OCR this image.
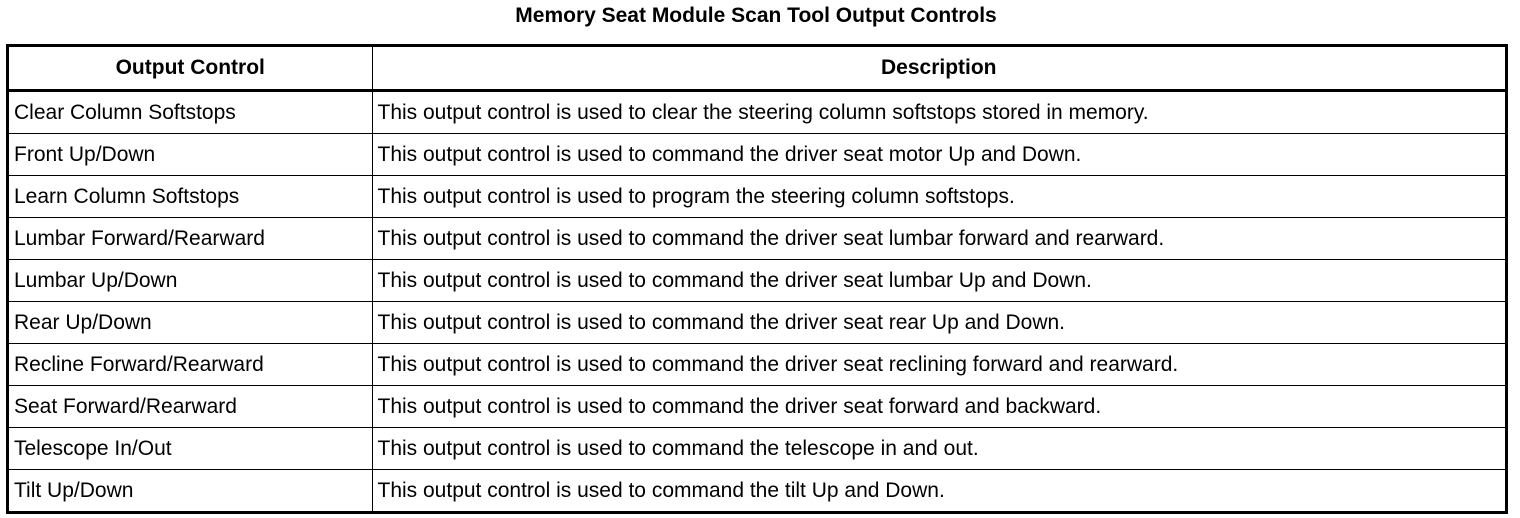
Memory Seat Module Scan Tool Output Controls
Output Control	Description
Clear Column Softstops	This output control is used to clear the steering column softstops stored in memory.
Front Up/Down	This output control is used to command the driver seat motor Up and Down.
Learn Column Softstops	This output control is used to program the steering column softstops.
Lumbar Forward/Rearward	This output control is used to command the driver seat lumbar forward and rearward.
Lumbar Up/Down	This output control is used to command the driver seat lumbar Up and Down.
Rear Up/Down	This output control is used to command the driver seat rear Up and Down.
Recline Forward/Rearward	This output control is used to command the driver seat reclining forward and rearward.
Seat Forward/Rearward	This output control is used to command the driver seat forward and backward.
Telescope In/Out	This output control is used to command the telescope in and out.
Tilt Up/Down	This output control is used to command the tilt Up and Down.
